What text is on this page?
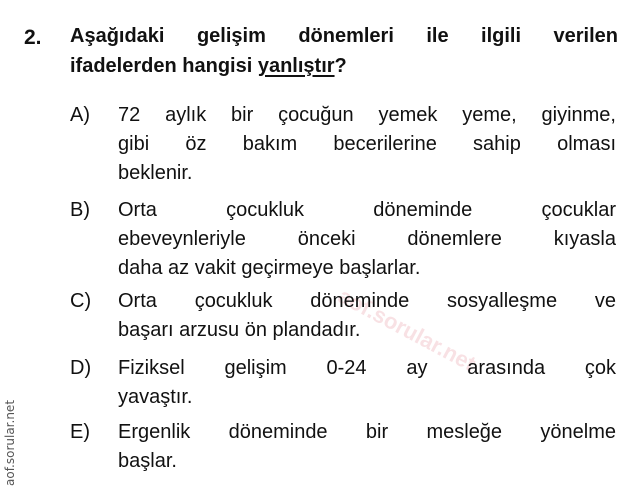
aof.sorular.net
2. Aşağıdaki gelişim dönemleri ile ilgili verilen
ifadelerden hangisi yanlıştır?
A) 72 aylık bir çocuğun yemek yeme, giyinme,
gibi öz bakım becerilerine sahip olması
beklenir.
B) Orta çocukluk döneminde çocuklar
ebeveynleriyle önceki dönemlere kıyasla
daha az vakit geçirmeye başlarlar.
C) Orta çocukluk döneminde sosyalleşme ve
başarı arzusu ön plandadır.
D) Fiziksel gelişim 0-24 ay arasında çok
yavaştır.
E) Ergenlik döneminde bir mesleğe yönelme
başlar.
aof.sorular.net
